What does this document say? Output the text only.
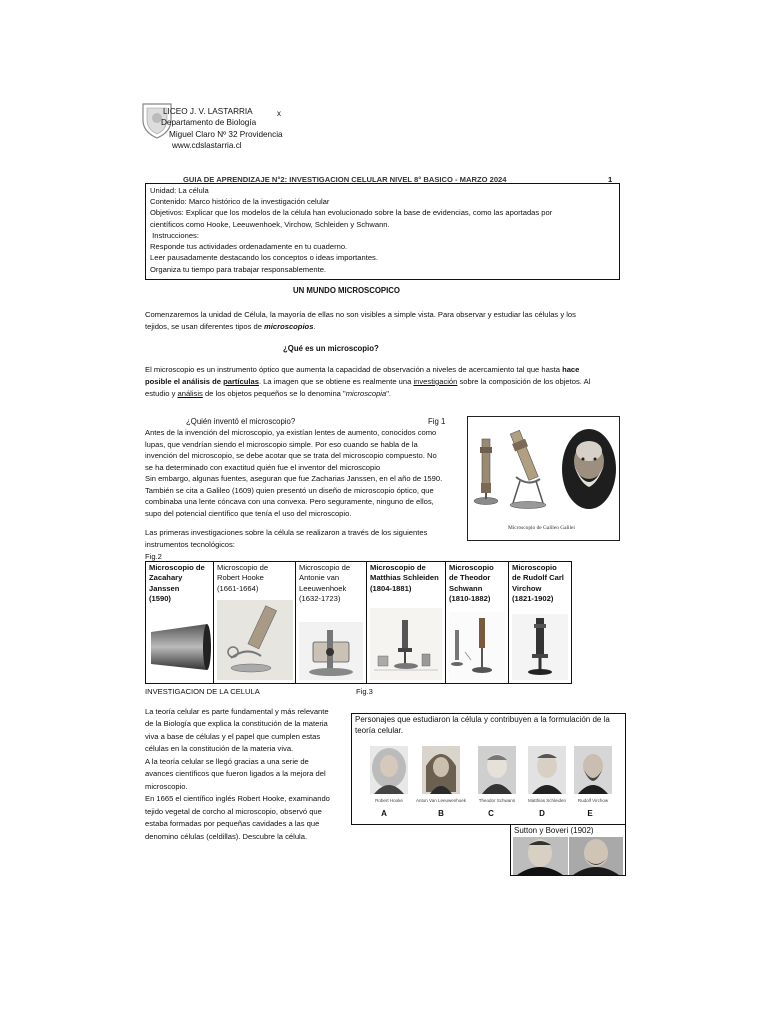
LICEO J. V. LASTARRIA
Departamento de Biología
Miguel Claro Nº 32 Providencia
www.cdslastarria.cl
x
GUIA DE APRENDIZAJE N°2: INVESTIGACION CELULAR NIVEL 8° BASICO - MARZO 2024	1
Unidad: La célula
Contenido: Marco histórico de la investigación celular
Objetivos: Explicar que los modelos de la célula han evolucionado sobre la base de evidencias, como las aportadas por
científicos como Hooke, Leeuwenhoek, Virchow, Schleiden y Schwann.
Instrucciones:
Responde tus actividades ordenadamente en tu cuaderno.
Leer pausadamente destacando los conceptos o ideas importantes.
Organiza tu tiempo para trabajar responsablemente.
UN MUNDO MICROSCOPICO
Comenzaremos la unidad de Célula, la mayoría de ellas no son visibles a simple vista. Para observar y estudiar las células y los
tejidos, se usan diferentes tipos de microscopios.
¿Qué es un microscopio?
El microscopio es un instrumento óptico que aumenta la capacidad de observación a niveles de acercamiento tal que hasta hace
posible el análisis de partículas. La imagen que se obtiene es realmente una investigación sobre la composición de los objetos. Al
estudio y análisis de los objetos pequeños se lo denomina "microscopia".
¿Quién inventó el microscopio?	Fig 1
Antes de la invención del microscopio, ya existían lentes de aumento, conocidos como
lupas, que vendrían siendo el microscopio simple. Por eso cuando se habla de la
invención del microscopio, se debe acotar que se trata del microscopio compuesto. No
se ha determinado con exactitud quién fue el inventor del microscopio
Sin embargo, algunas fuentes, aseguran que fue Zacharias Janssen, en el año de 1590.
También se cita a Galileo (1609) quien presentó un diseño de microscopio óptico, que
combinaba una lente cóncava con una convexa. Pero seguramente, ninguno de ellos,
supo del potencial científico que tenía el uso del microscopio.
Microscopio de Galileo Galilei
Las primeras investigaciones sobre la célula se realizaron a través de los siguientes
instrumentos tecnológicos:
Fig.2
Microscopio de
Zacahary
Janssen
(1590)
Microscopio de
Robert Hooke
(1661-1664)
Microscopio de
Antonie van
Leeuwenhoek
(1632-1723)
Microscopio de
Matthias Schleiden
(1804-1881)
Microscopio
de Theodor
Schwann
(1810-1882)
Microscopio
de Rudolf Carl
Virchow
(1821-1902)
INVESTIGACION DE LA CELULA	Fig.3
La teoría celular es parte fundamental y más relevante
de la Biología que explica la constitución de la materia
viva a base de células y el papel que cumplen estas
células en la constitución de la materia viva.
A la teoría celular se llegó gracias a una serie de
avances científicos que fueron ligados a la mejora del
microscopio.
En 1665 el científico inglés Robert Hooke, examinando
tejido vegetal de corcho al microscopio, observó que
estaba formadas por pequeñas cavidades a las que
denomino células (celdillas). Descubre la célula.
Personajes que estudiaron la célula y contribuyen a la formulación de la
teoría celular.
Robert Hooke	Anton Van Leeuwenhoek	Theodor Schwann	Matthias Schleiden	Rudolf Virchow
A	B	C	D	E
Sutton y Boveri (1902)
